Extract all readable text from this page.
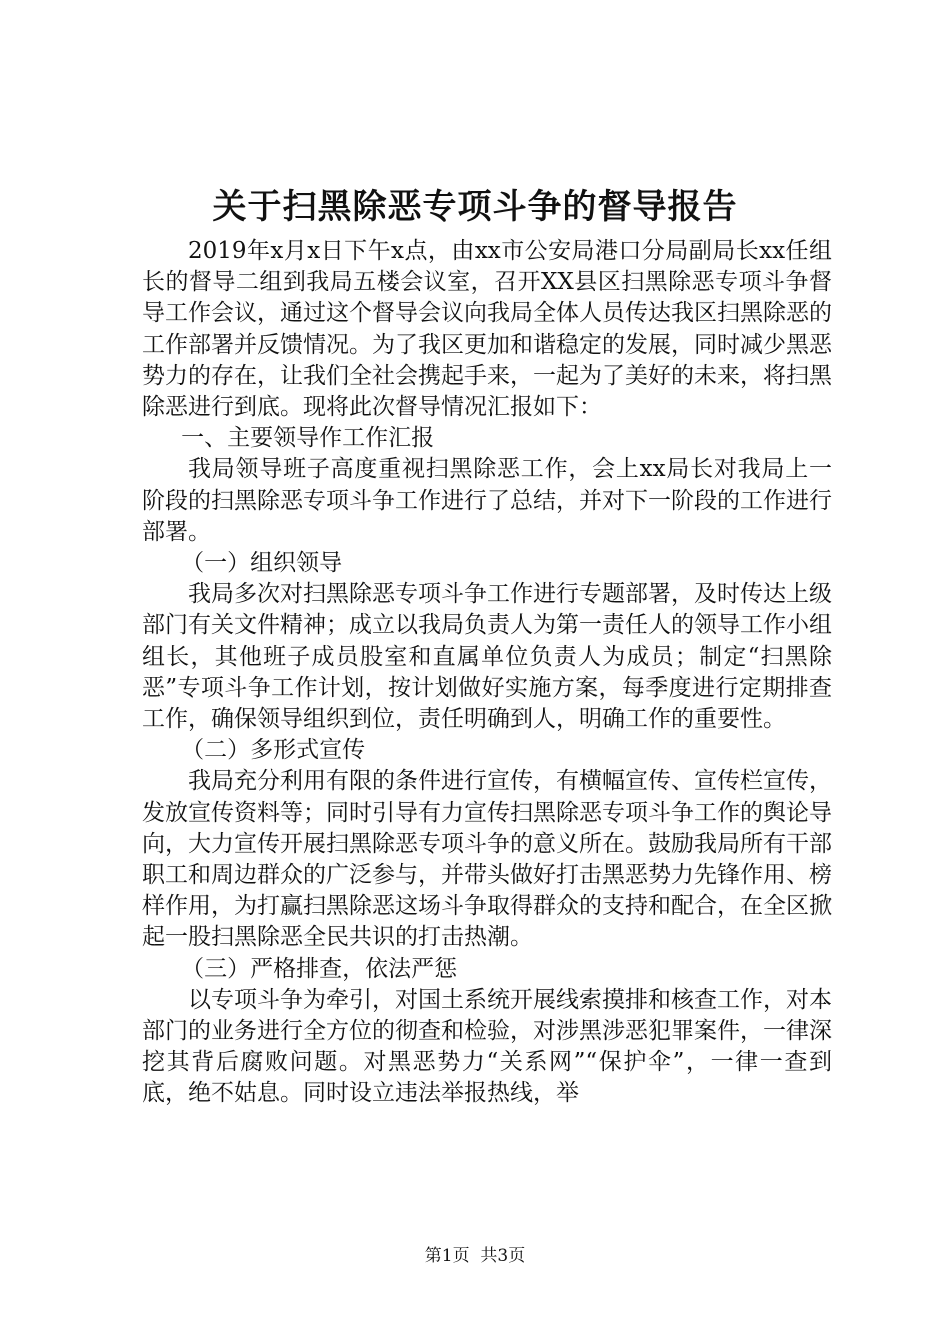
关于扫黑除恶专项斗争的督导报告

2019年x月x日下午x点，由xx市公安局港口分局副局长xx任组长的督导二组到我局五楼会议室，召开XX县区扫黑除恶专项斗争督导工作会议，通过这个督导会议向我局全体人员传达我区扫黑除恶的工作部署并反馈情况。为了我区更加和谐稳定的发展，同时减少黑恶势力的存在，让我们全社会携起手来，一起为了美好的未来，将扫黑除恶进行到底。现将此次督导情况汇报如下：

一、主要领导作工作汇报

我局领导班子高度重视扫黑除恶工作，会上xx局长对我局上一阶段的扫黑除恶专项斗争工作进行了总结，并对下一阶段的工作进行部署。

（一）组织领导

我局多次对扫黑除恶专项斗争工作进行专题部署，及时传达上级部门有关文件精神；成立以我局负责人为第一责任人的领导工作小组组长，其他班子成员股室和直属单位负责人为成员；制定“扫黑除恶”专项斗争工作计划，按计划做好实施方案，每季度进行定期排查工作，确保领导组织到位，责任明确到人，明确工作的重要性。

（二）多形式宣传

我局充分利用有限的条件进行宣传，有横幅宣传、宣传栏宣传，发放宣传资料等；同时引导有力宣传扫黑除恶专项斗争工作的舆论导向，大力宣传开展扫黑除恶专项斗争的意义所在。鼓励我局所有干部职工和周边群众的广泛参与，并带头做好打击黑恶势力先锋作用、榜样作用，为打赢扫黑除恶这场斗争取得群众的支持和配合，在全区掀起一股扫黑除恶全民共识的打击热潮。

（三）严格排查，依法严惩

以专项斗争为牵引，对国土系统开展线索摸排和核查工作，对本部门的业务进行全方位的彻查和检验，对涉黑涉恶犯罪案件，一律深挖其背后腐败问题。对黑恶势力“关系网”“保护伞”，一律一查到底，绝不姑息。同时设立违法举报热线，举

第1页 共3页
